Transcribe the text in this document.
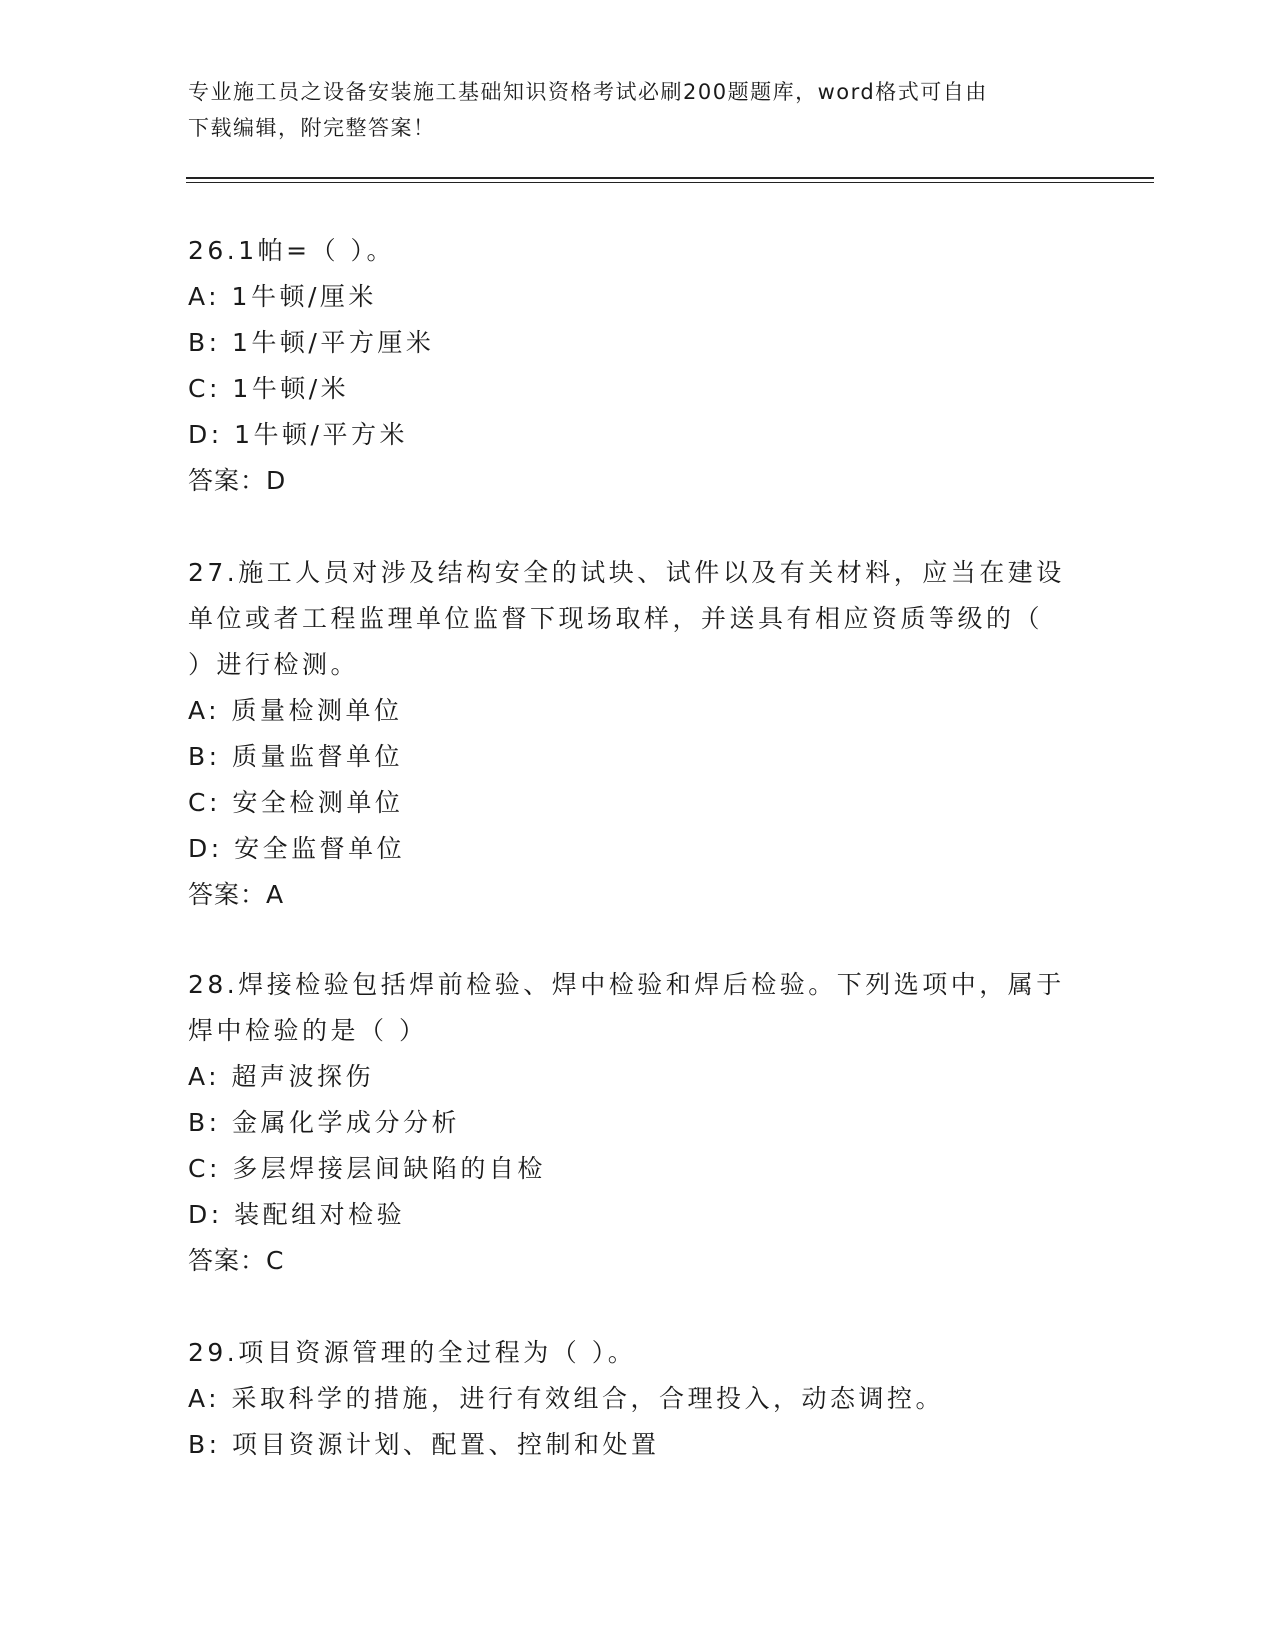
专业施工员之设备安装施工基础知识资格考试必刷200题题库，word格式可自由
下载编辑，附完整答案！
26.1帕=（ ）。
A: 1牛顿/厘米
B: 1牛顿/平方厘米
C: 1牛顿/米
D: 1牛顿/平方米
答案：D
27.施工人员对涉及结构安全的试块、试件以及有关材料，应当在建设
单位或者工程监理单位监督下现场取样，并送具有相应资质等级的（
）进行检测。
A: 质量检测单位
B: 质量监督单位
C: 安全检测单位
D: 安全监督单位
答案：A
28.焊接检验包括焊前检验、焊中检验和焊后检验。下列选项中，属于
焊中检验的是（ ）
A: 超声波探伤
B: 金属化学成分分析
C: 多层焊接层间缺陷的自检
D: 装配组对检验
答案：C
29.项目资源管理的全过程为（ ）。
A: 采取科学的措施，进行有效组合，合理投入，动态调控。
B: 项目资源计划、配置、控制和处置
